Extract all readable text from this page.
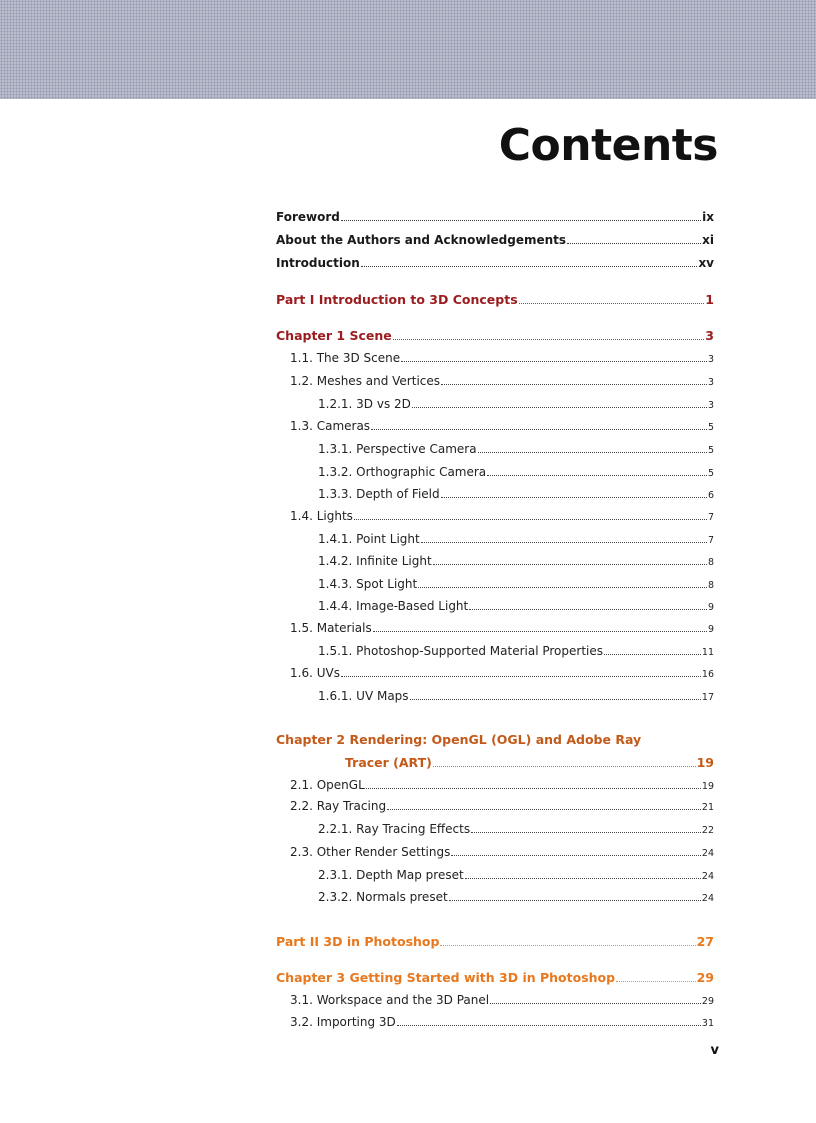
Contents
Foreword	ix
About the Authors and Acknowledgements	xi
Introduction	xv
Part I Introduction to 3D Concepts	1
Chapter 1 Scene	3
1.1. The 3D Scene	3
1.2. Meshes and Vertices	3
1.2.1. 3D vs 2D	3
1.3. Cameras	5
1.3.1. Perspective Camera	5
1.3.2. Orthographic Camera	5
1.3.3. Depth of Field	6
1.4. Lights	7
1.4.1. Point Light	7
1.4.2. Infinite Light	8
1.4.3. Spot Light	8
1.4.4. Image-Based Light	9
1.5. Materials	9
1.5.1. Photoshop-Supported Material Properties	11
1.6. UVs	16
1.6.1. UV Maps	17
Chapter 2 Rendering: OpenGL (OGL) and Adobe Ray
Tracer (ART)	19
2.1. OpenGL	19
2.2. Ray Tracing	21
2.2.1. Ray Tracing Effects	22
2.3. Other Render Settings	24
2.3.1. Depth Map preset	24
2.3.2. Normals preset	24
Part II 3D in Photoshop	27
Chapter 3 Getting Started with 3D in Photoshop	29
3.1. Workspace and the 3D Panel	29
3.2. Importing 3D	31
v
